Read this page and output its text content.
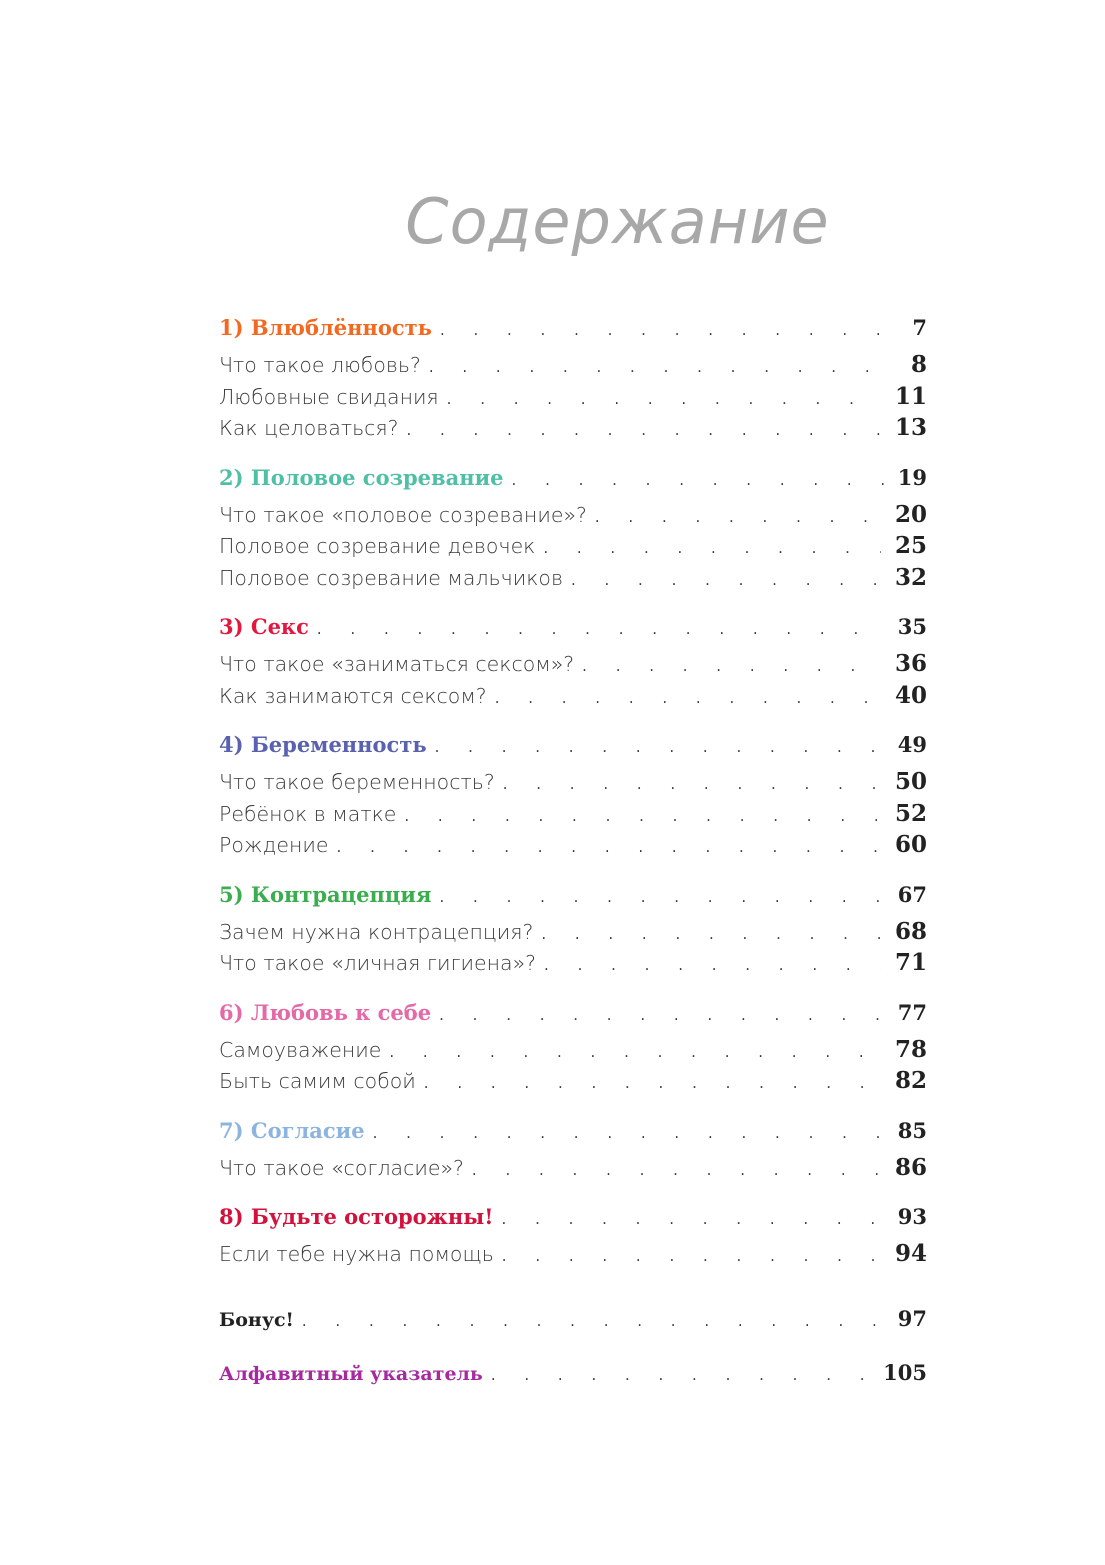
Содержание
1) Влюблённость . . .	7
Что такое любовь? . . .	8
Любовные свидания . . .	11
Как целоваться? . . .	13
2) Половое созревание . . .	19
Что такое «половое созревание»? . . .	20
Половое созревание девочек . . .	25
Половое созревание мальчиков . . .	32
3) Секс . . .	35
Что такое «заниматься сексом»? . . .	36
Как занимаются сексом? . . .	40
4) Беременность . . .	49
Что такое беременность? . . .	50
Ребёнок в матке . . .	52
Рождение . . .	60
5) Контрацепция . . .	67
Зачем нужна контрацепция? . . .	68
Что такое «личная гигиена»? . . .	71
6) Любовь к себе . . .	77
Самоуважение . . .	78
Быть самим собой . . .	82
7) Согласие . . .	85
Что такое «согласие»? . . .	86
8) Будьте осторожны! . . .	93
Если тебе нужна помощь . . .	94
Бонус! . . .	97
Алфавитный указатель . . .	105
